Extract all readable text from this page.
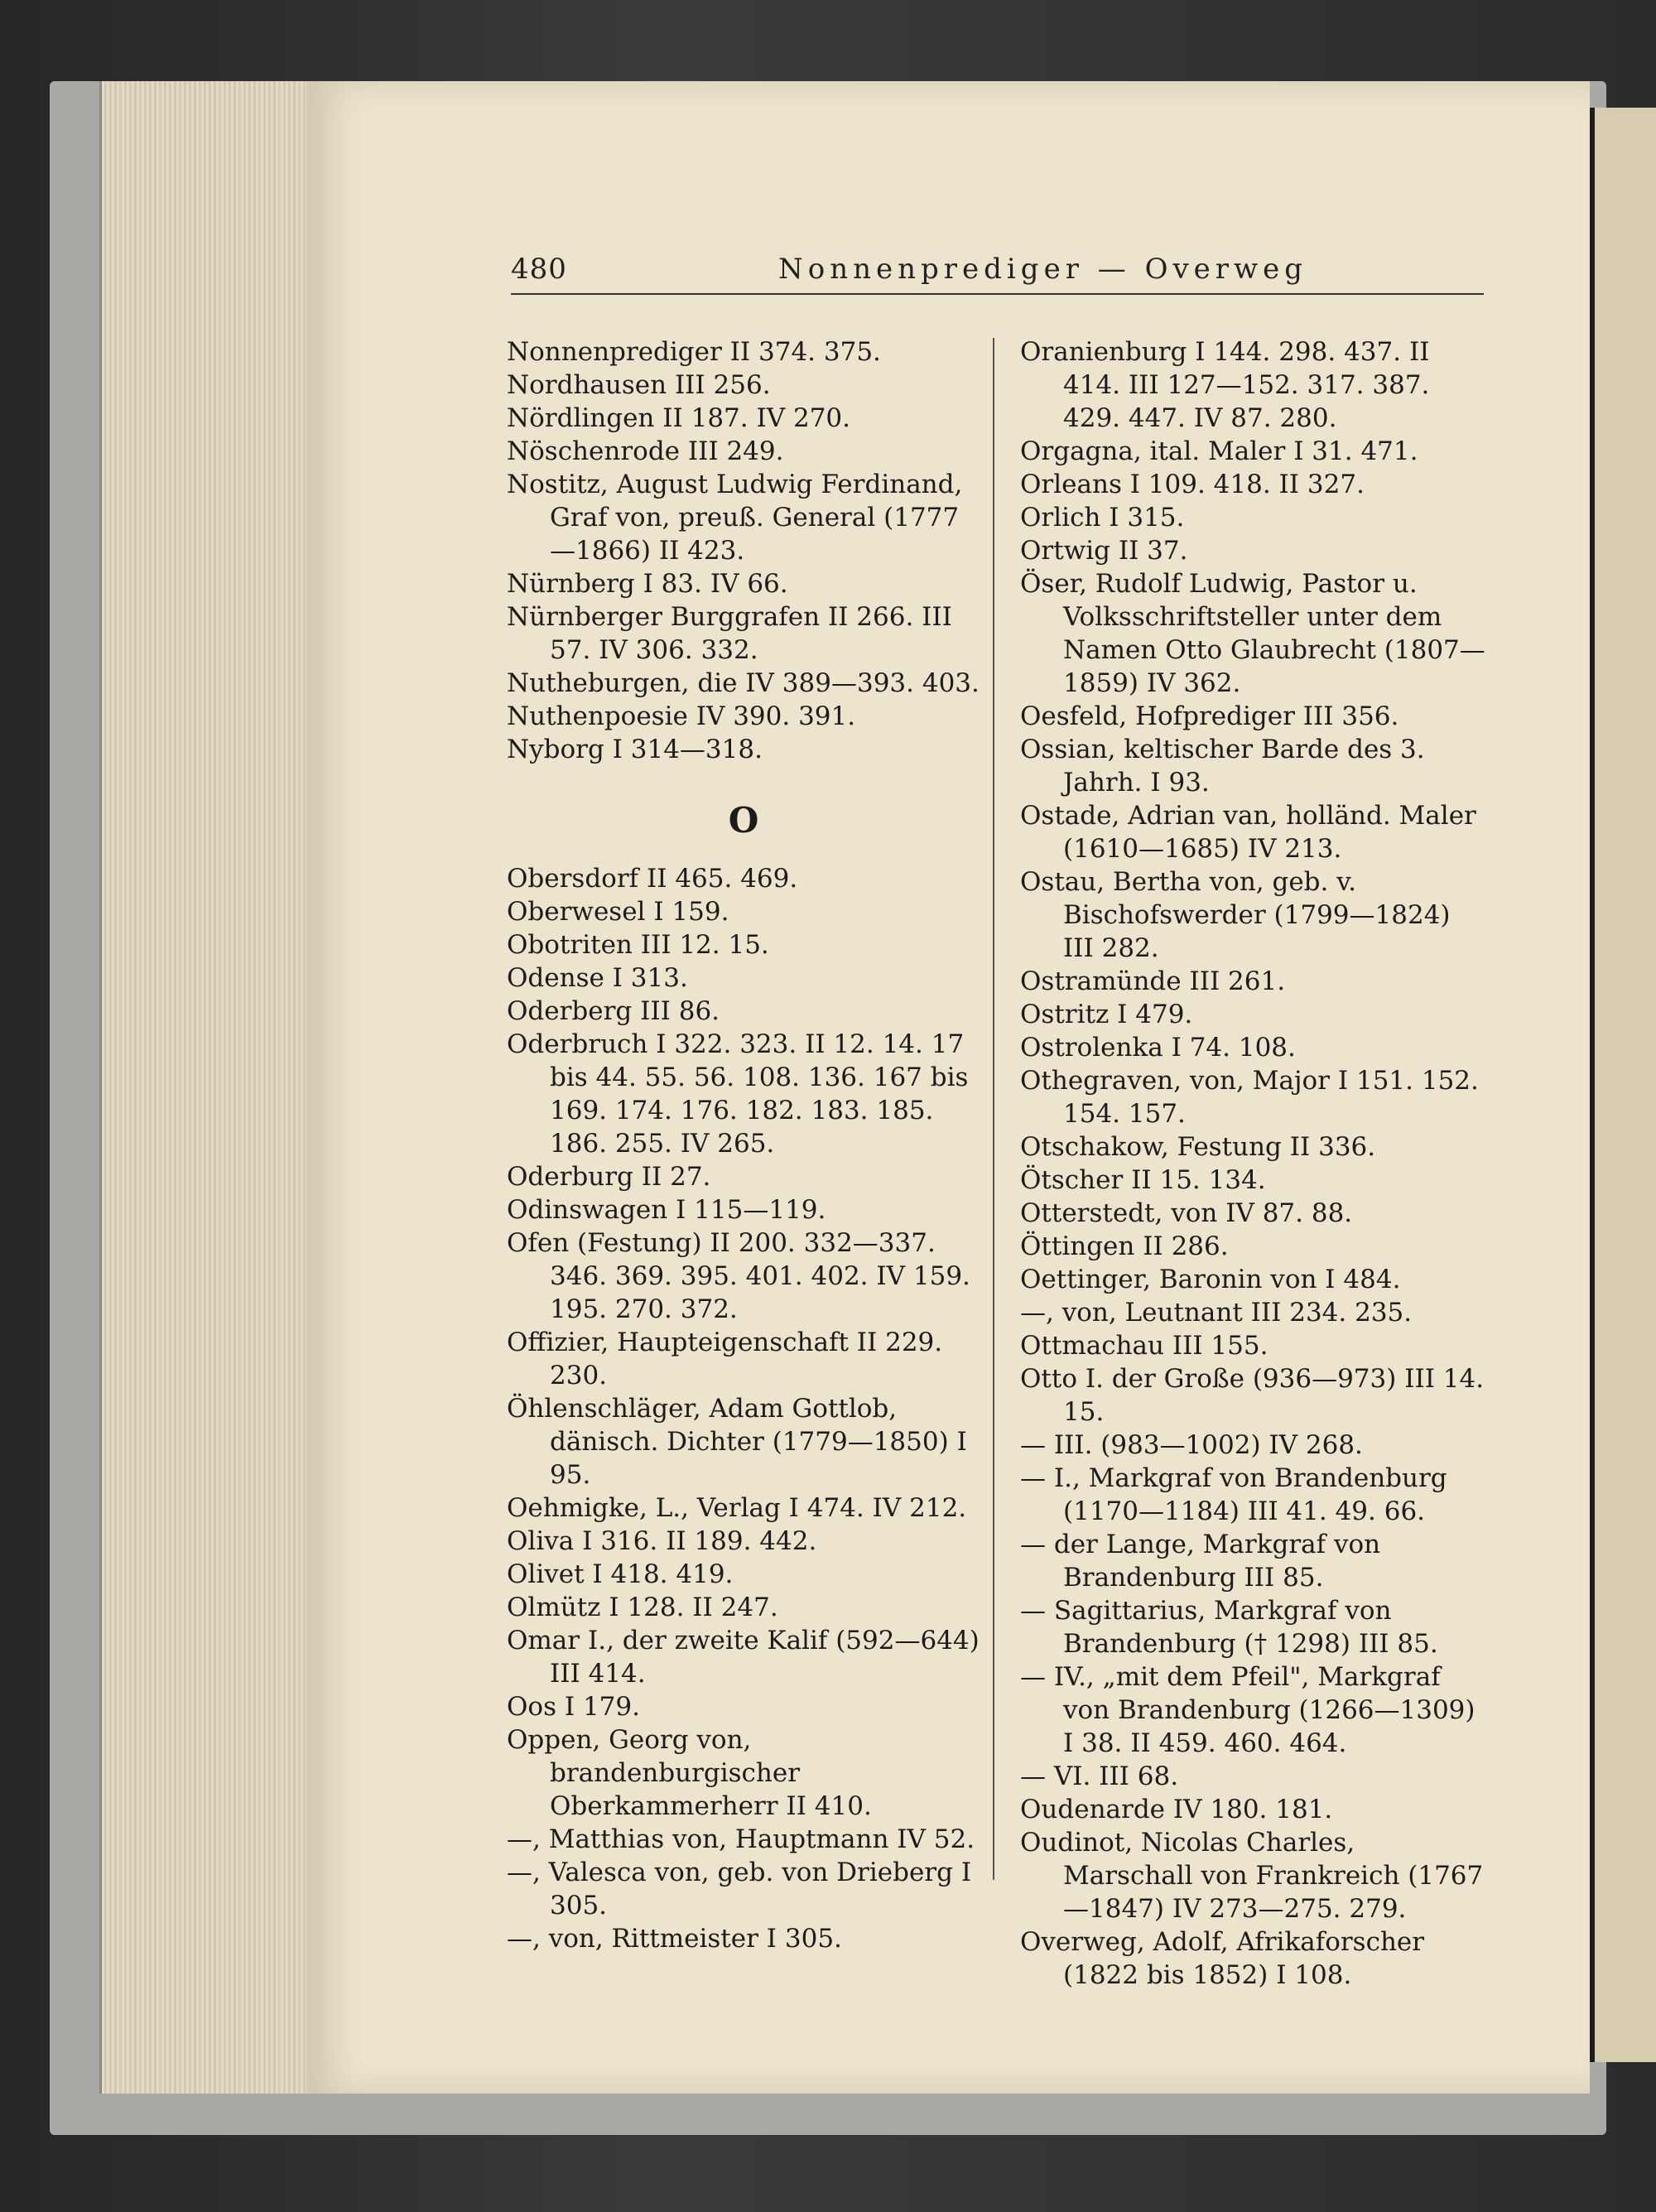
480	Nonnenprediger — Overweg

Nonnenprediger II 374. 375.

Nordhausen III 256.

Nördlingen II 187. IV 270.

Nöschenrode III 249.

Nostitz, August Ludwig Ferdinand, Graf von, preuß. General (1777—1866) II 423.

Nürnberg I 83. IV 66.

Nürnberger Burggrafen II 266. III 57. IV 306. 332.

Nutheburgen, die IV 389—393. 403.

Nuthenpoesie IV 390. 391.

Nyborg I 314—318.

O

Obersdorf II 465. 469.

Oberwesel I 159.

Obotriten III 12. 15.

Odense I 313.

Oderberg III 86.

Oderbruch I 322. 323. II 12. 14. 17 bis 44. 55. 56. 108. 136. 167 bis 169. 174. 176. 182. 183. 185. 186. 255. IV 265.

Oderburg II 27.

Odinswagen I 115—119.

Ofen (Festung) II 200. 332—337. 346. 369. 395. 401. 402. IV 159. 195. 270. 372.

Offizier, Haupteigenschaft II 229. 230.

Öhlenschläger, Adam Gottlob, dänisch. Dichter (1779—1850) I 95.

Oehmigke, L., Verlag I 474. IV 212.

Oliva I 316. II 189. 442.

Olivet I 418. 419.

Olmütz I 128. II 247.

Omar I., der zweite Kalif (592—644) III 414.

Oos I 179.

Oppen, Georg von, brandenburgischer Oberkammerherr II 410.

—, Matthias von, Hauptmann IV 52.

—, Valesca von, geb. von Drieberg I 305.

—, von, Rittmeister I 305.

Oranienburg I 144. 298. 437. II 414. III 127—152. 317. 387. 429. 447. IV 87. 280.

Orgagna, ital. Maler I 31. 471.

Orleans I 109. 418. II 327.

Orlich I 315.

Ortwig II 37.

Öser, Rudolf Ludwig, Pastor u. Volksschriftsteller unter dem Namen Otto Glaubrecht (1807—1859) IV 362.

Oesfeld, Hofprediger III 356.

Ossian, keltischer Barde des 3. Jahrh. I 93.

Ostade, Adrian van, holländ. Maler (1610—1685) IV 213.

Ostau, Bertha von, geb. v. Bischofswerder (1799—1824) III 282.

Ostramünde III 261.

Ostritz I 479.

Ostrolenka I 74. 108.

Othegraven, von, Major I 151. 152. 154. 157.

Otschakow, Festung II 336.

Ötscher II 15. 134.

Otterstedt, von IV 87. 88.

Öttingen II 286.

Oettinger, Baronin von I 484.

—, von, Leutnant III 234. 235.

Ottmachau III 155.

Otto I. der Große (936—973) III 14. 15.

— III. (983—1002) IV 268.

— I., Markgraf von Brandenburg (1170—1184) III 41. 49. 66.

— der Lange, Markgraf von Brandenburg III 85.

— Sagittarius, Markgraf von Brandenburg († 1298) III 85.

— IV., „mit dem Pfeil", Markgraf von Brandenburg (1266—1309) I 38. II 459. 460. 464.

— VI. III 68.

Oudenarde IV 180. 181.

Oudinot, Nicolas Charles, Marschall von Frankreich (1767—1847) IV 273—275. 279.

Overweg, Adolf, Afrikaforscher (1822 bis 1852) I 108.
